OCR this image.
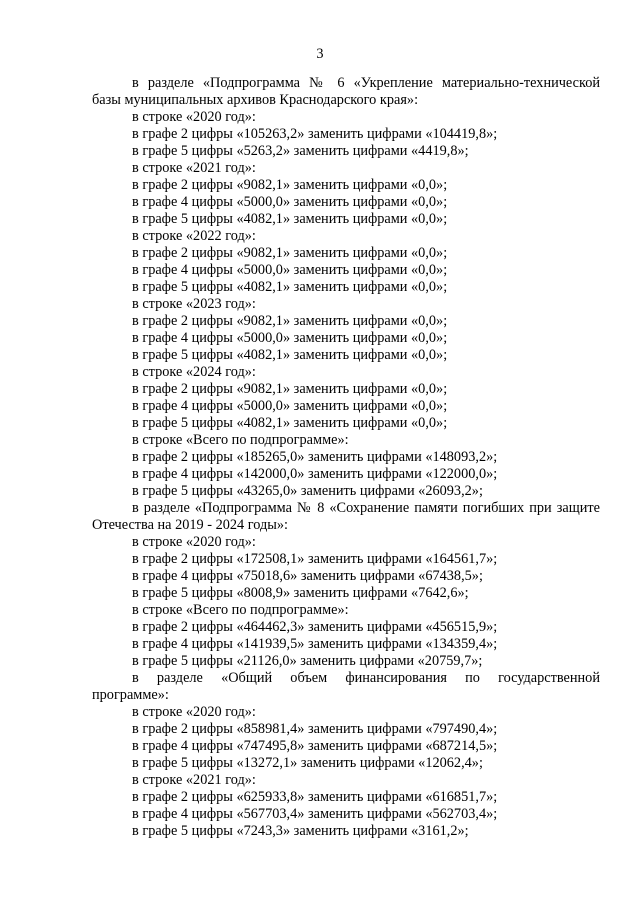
3
в разделе «Подпрограмма № 6 «Укрепление материально-технической
базы муниципальных архивов Краснодарского края»:
в строке «2020 год»:
в графе 2 цифры «105263,2» заменить цифрами «104419,8»;
в графе 5 цифры «5263,2» заменить цифрами «4419,8»;
в строке «2021 год»:
в графе 2 цифры «9082,1» заменить цифрами «0,0»;
в графе 4 цифры «5000,0» заменить цифрами «0,0»;
в графе 5 цифры «4082,1» заменить цифрами «0,0»;
в строке «2022 год»:
в графе 2 цифры «9082,1» заменить цифрами «0,0»;
в графе 4 цифры «5000,0» заменить цифрами «0,0»;
в графе 5 цифры «4082,1» заменить цифрами «0,0»;
в строке «2023 год»:
в графе 2 цифры «9082,1» заменить цифрами «0,0»;
в графе 4 цифры «5000,0» заменить цифрами «0,0»;
в графе 5 цифры «4082,1» заменить цифрами «0,0»;
в строке «2024 год»:
в графе 2 цифры «9082,1» заменить цифрами «0,0»;
в графе 4 цифры «5000,0» заменить цифрами «0,0»;
в графе 5 цифры «4082,1» заменить цифрами «0,0»;
в строке «Всего по подпрограмме»:
в графе 2 цифры «185265,0» заменить цифрами «148093,2»;
в графе 4 цифры «142000,0» заменить цифрами «122000,0»;
в графе 5 цифры «43265,0» заменить цифрами «26093,2»;
в разделе «Подпрограмма № 8 «Сохранение памяти погибших при защите
Отечества на 2019 - 2024 годы»:
в строке «2020 год»:
в графе 2 цифры «172508,1» заменить цифрами «164561,7»;
в графе 4 цифры «75018,6» заменить цифрами «67438,5»;
в графе 5 цифры «8008,9» заменить цифрами «7642,6»;
в строке «Всего по подпрограмме»:
в графе 2 цифры «464462,3» заменить цифрами «456515,9»;
в графе 4 цифры «141939,5» заменить цифрами «134359,4»;
в графе 5 цифры «21126,0» заменить цифрами «20759,7»;
в разделе «Общий объем финансирования по государственной
программе»:
в строке «2020 год»:
в графе 2 цифры «858981,4» заменить цифрами «797490,4»;
в графе 4 цифры «747495,8» заменить цифрами «687214,5»;
в графе 5 цифры «13272,1» заменить цифрами «12062,4»;
в строке «2021 год»:
в графе 2 цифры «625933,8» заменить цифрами «616851,7»;
в графе 4 цифры «567703,4» заменить цифрами «562703,4»;
в графе 5 цифры «7243,3» заменить цифрами «3161,2»;
